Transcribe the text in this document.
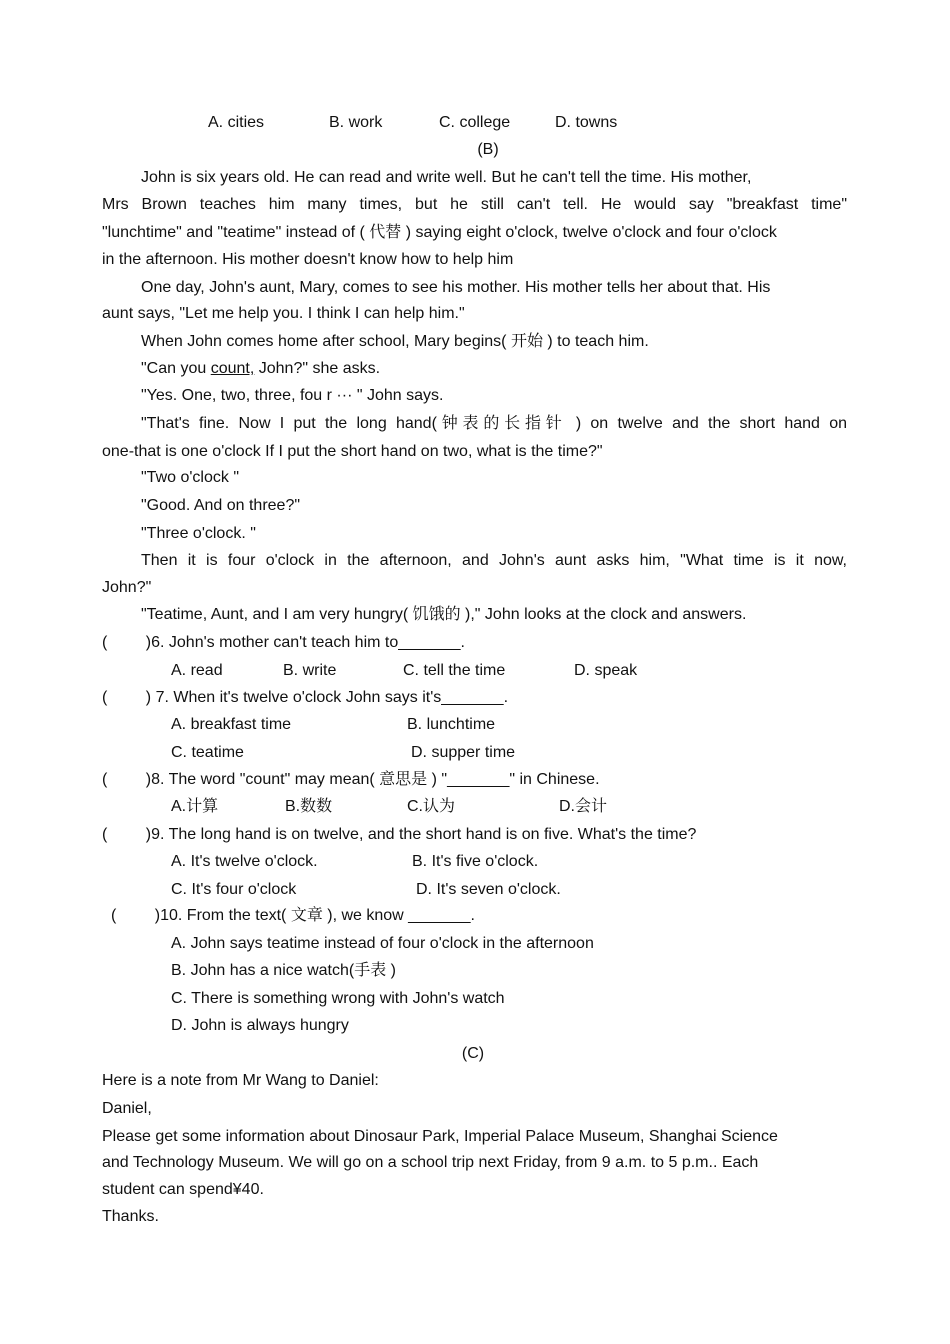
A. cities	B. work	C. college	D. towns
(B)
John is six years old. He can read and write well. But he can't tell the time. His mother,
Mrs Brown teaches him many times, but he still can't tell. He would say "breakfast time"
"lunchtime" and "teatime" instead of ( 代替 ) saying eight o'clock, twelve o'clock and four o'clock
in the afternoon. His mother doesn't know how to help him
One day, John's aunt, Mary, comes to see his mother. His mother tells her about that. His
aunt says, "Let me help you. I think I can help him."
When John comes home after school, Mary begins( 开始 ) to teach him.
"Can you count, John?" she asks.
"Yes. One, two, three, fou r ··· " John says.
"That's fine. Now I put the long hand(钟表的长指针 ) on twelve and the short hand on
one-that is one o'clock If I put the short hand on two, what is the time?"
"Two o'clock "
"Good. And on three?"
"Three o'clock. "
Then it is four o'clock in the afternoon, and John's aunt asks him, "What time is it now,
John?"
"Teatime, Aunt, and I am very hungry( 饥饿的 )," John looks at the clock and answers.
( )6. John's mother can't teach him to_______.
A. read	B. write	C. tell the time	D. speak
( ) 7. When it's twelve o'clock John says it's_______.
A. breakfast time	B. lunchtime
C. teatime	D. supper time
( )8. The word "count" may mean( 意思是 ) "_______" in Chinese.
A.计算	B.数数	C.认为	D.会计
( )9. The long hand is on twelve, and the short hand is on five. What's the time?
A. It's twelve o'clock.	B. It's five o'clock.
C. It's four o'clock	D. It's seven o'clock.
( )10. From the text( 文章 ), we know _______.
A. John says teatime instead of four o'clock in the afternoon
B. John has a nice watch(手表 )
C. There is something wrong with John's watch
D. John is always hungry
(C)
Here is a note from Mr Wang to Daniel:
Daniel,
Please get some information about Dinosaur Park, Imperial Palace Museum, Shanghai Science
and Technology Museum. We will go on a school trip next Friday, from 9 a.m. to 5 p.m.. Each
student can spend¥40.
Thanks.
